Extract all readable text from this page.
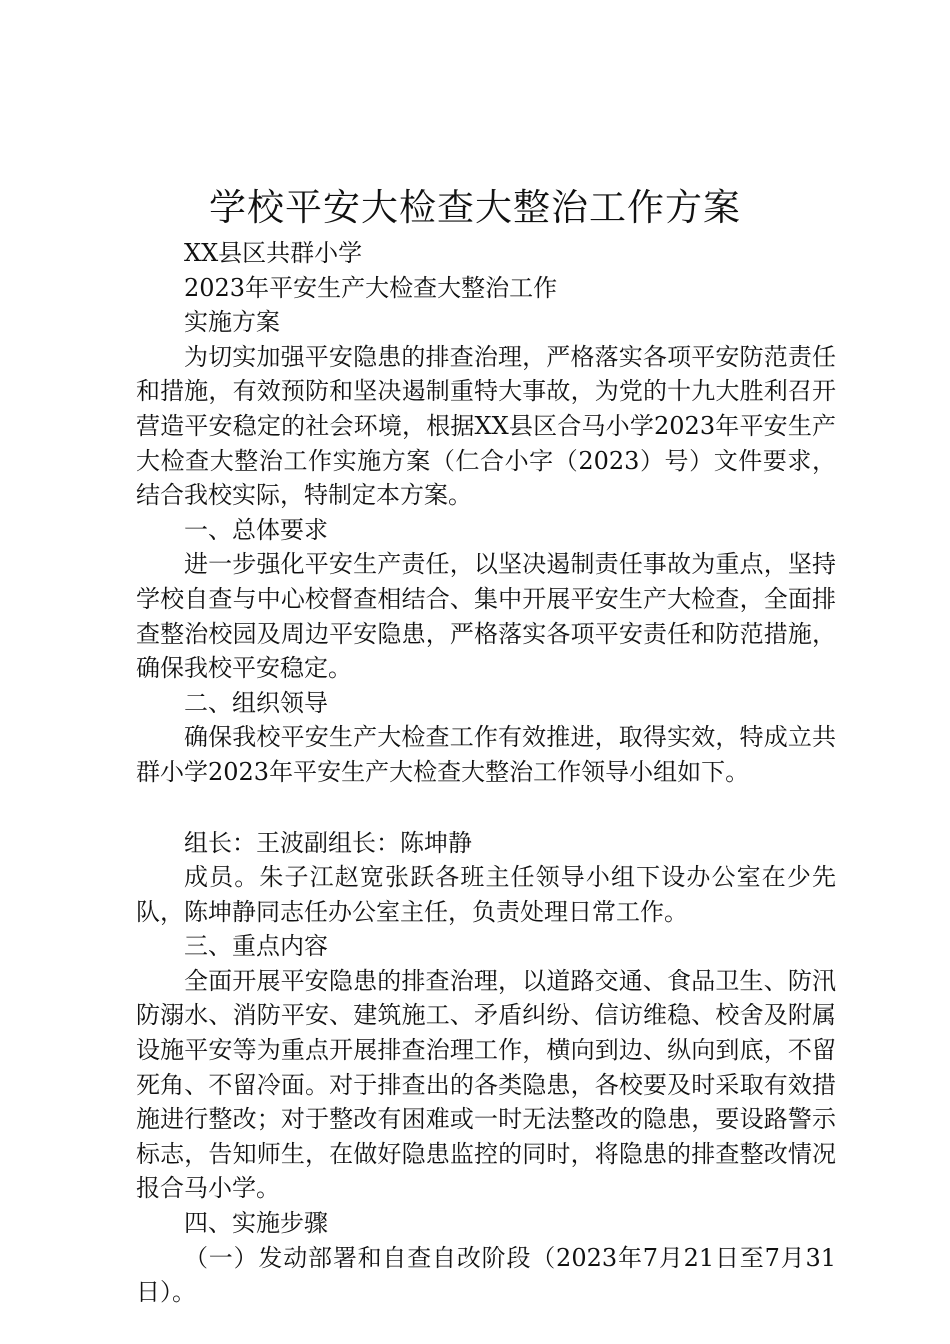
学校平安大检查大整治工作方案

XX县区共群小学

2023年平安生产大检查大整治工作

实施方案

为切实加强平安隐患的排查治理，严格落实各项平安防范责任和措施，有效预防和坚决遏制重特大事故，为党的十九大胜利召开营造平安稳定的社会环境，根据XX县区合马小学2023年平安生产大检查大整治工作实施方案（仁合小字（2023）号）文件要求，结合我校实际，特制定本方案。

一、总体要求

进一步强化平安生产责任，以坚决遏制责任事故为重点，坚持学校自查与中心校督查相结合、集中开展平安生产大检查，全面排查整治校园及周边平安隐患，严格落实各项平安责任和防范措施，确保我校平安稳定。

二、组织领导

确保我校平安生产大检查工作有效推进，取得实效，特成立共群小学2023年平安生产大检查大整治工作领导小组如下。

组长：王波副组长：陈坤静

成员。朱子江赵宽张跃各班主任领导小组下设办公室在少先队，陈坤静同志任办公室主任，负责处理日常工作。

三、重点内容

全面开展平安隐患的排查治理，以道路交通、食品卫生、防汛防溺水、消防平安、建筑施工、矛盾纠纷、信访维稳、校舍及附属设施平安等为重点开展排查治理工作，横向到边、纵向到底，不留死角、不留冷面。对于排查出的各类隐患，各校要及时采取有效措施进行整改；对于整改有困难或一时无法整改的隐患，要设路警示标志，告知师生，在做好隐患监控的同时，将隐患的排查整改情况报合马小学。

四、实施步骤

（一）发动部署和自查自改阶段（2023年7月21日至7月31日）。
